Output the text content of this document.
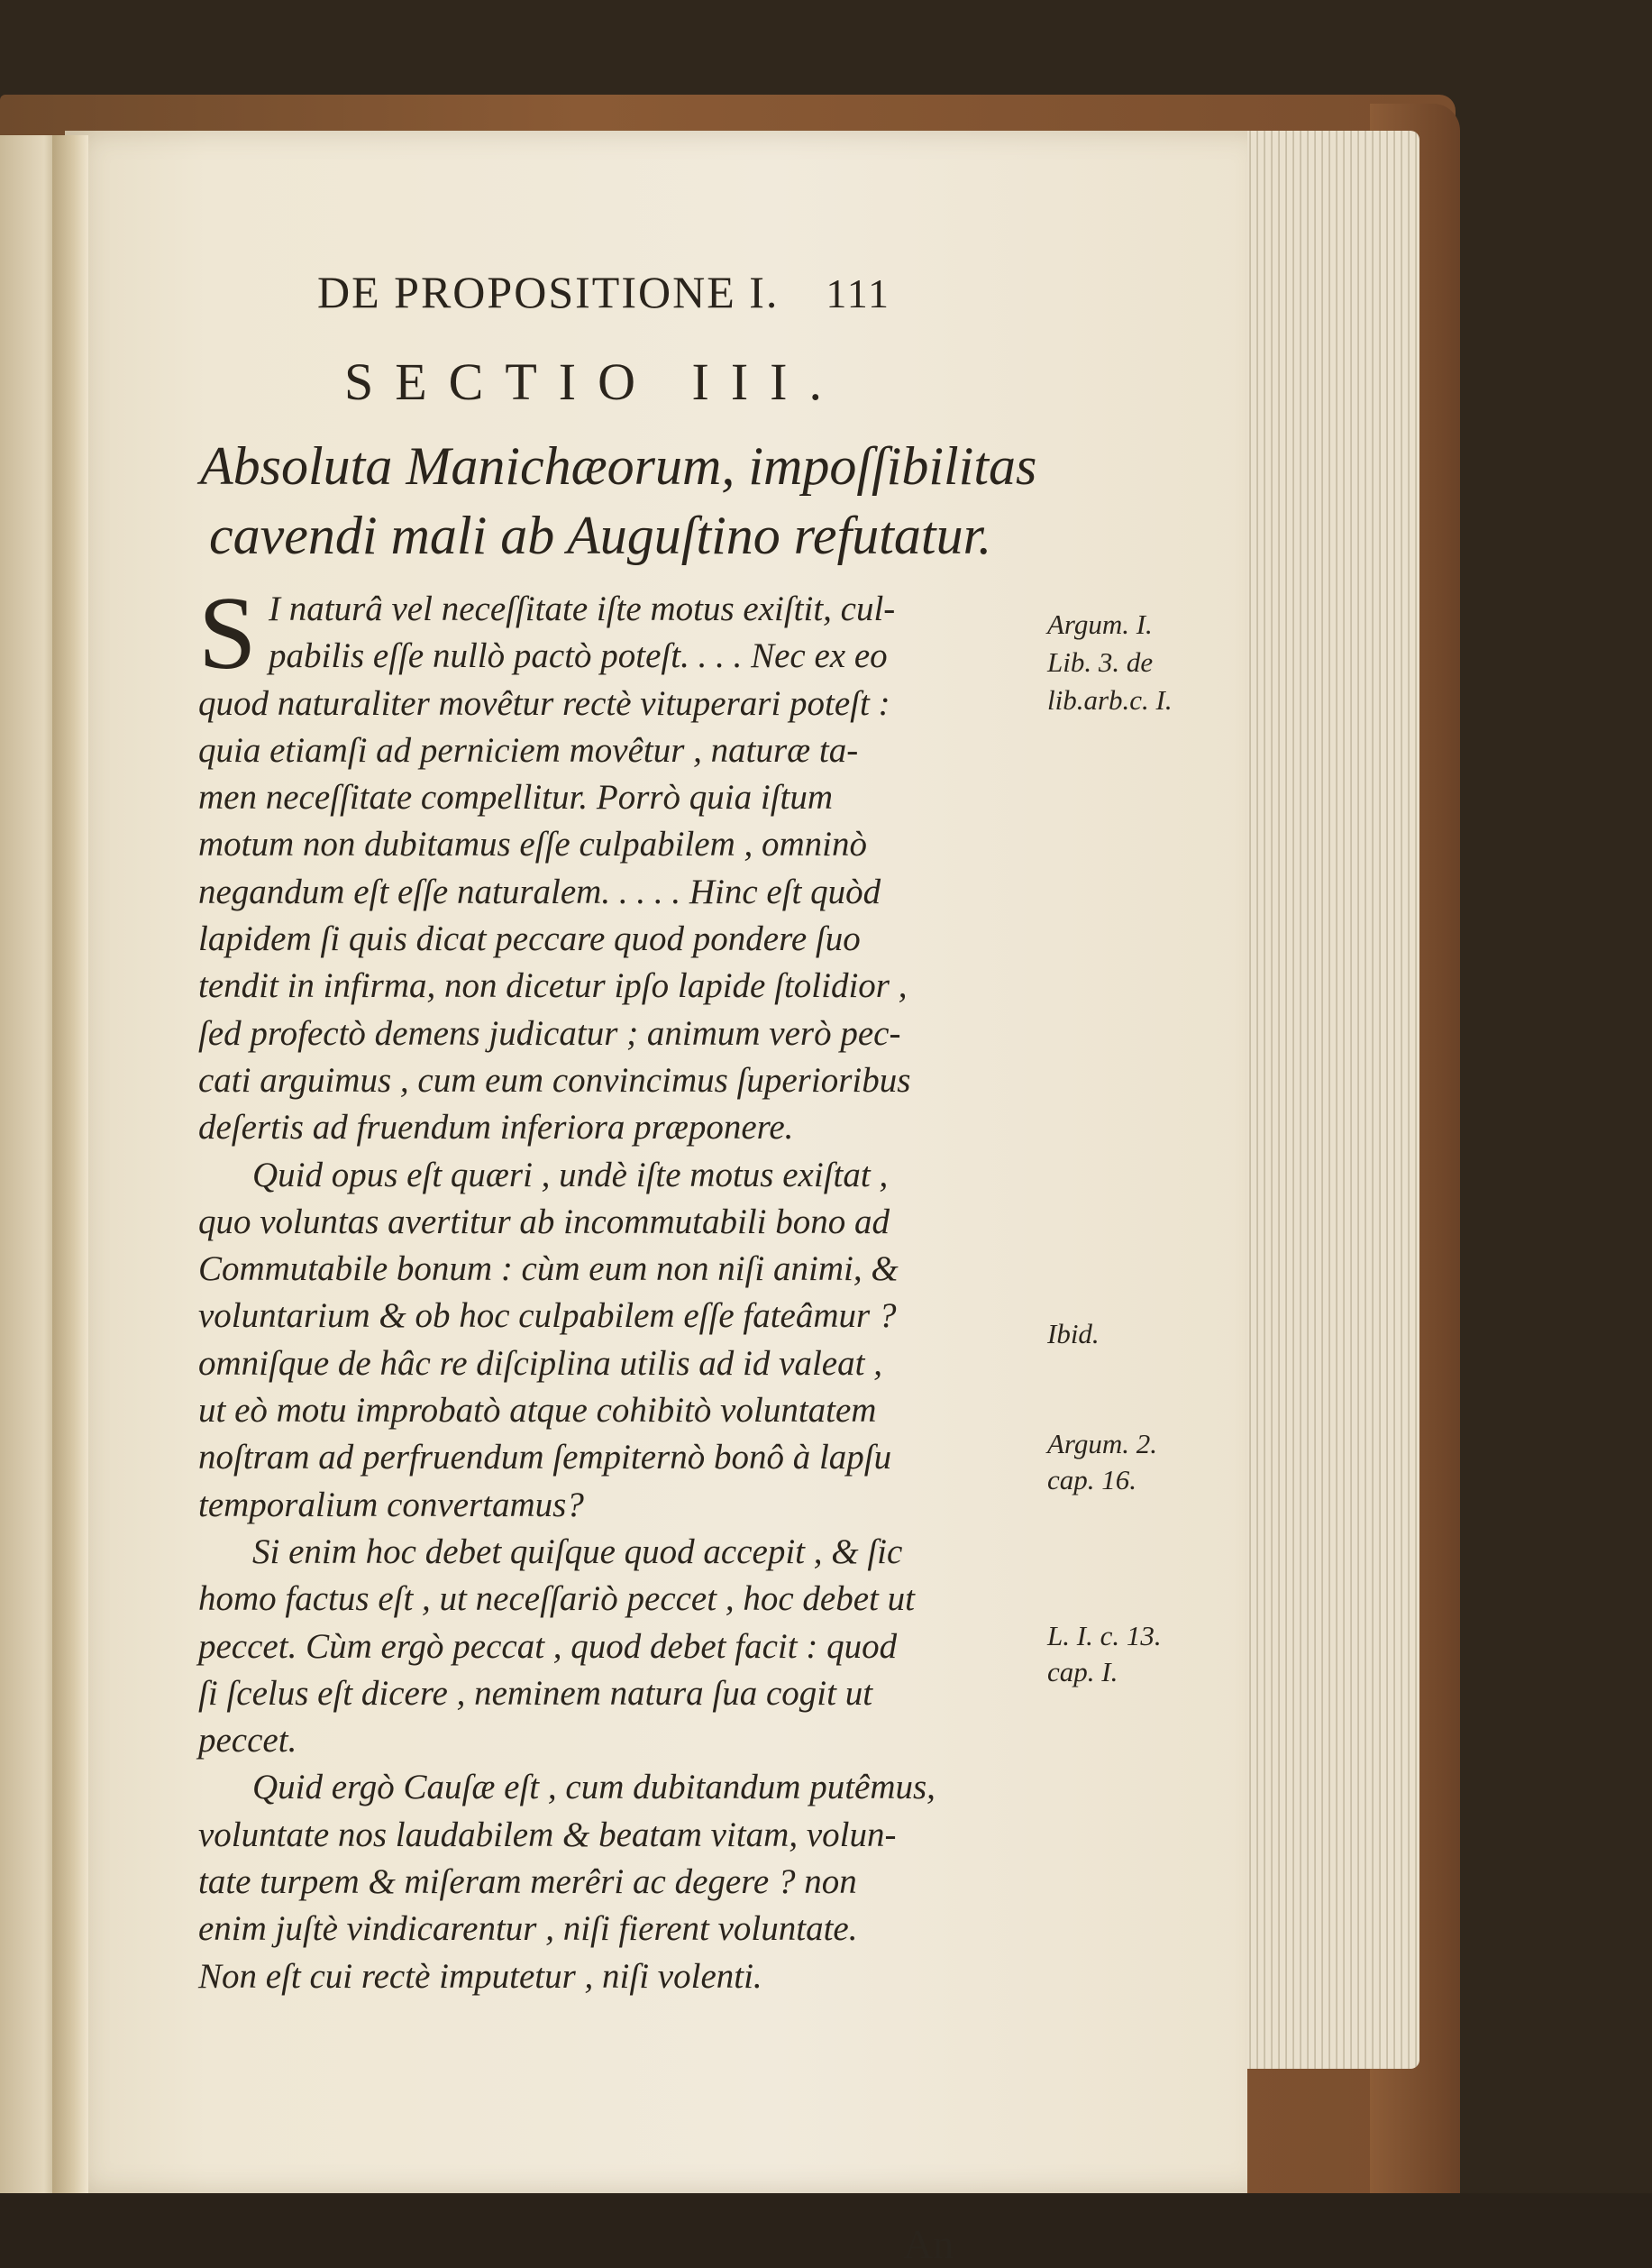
DE PROPOSITIONE I. 111
SECTIO III.
Absolutа Manichæorum, impoſſibilitas
cavendi mali ab Auguſtino refutatur.
S I naturâ vel neceſſitate iſte motus exiſtit, cul-
pabilis eſſe nullò pactò poteſt. . . . Nec ex eo
quod naturaliter movêtur rectè vituperari poteſt :
quia etiamſi ad perniciem movêtur , naturæ ta-
men neceſſitate compellitur. Porrò quia iſtum
motum non dubitamus eſſe culpabilem , omninò
negandum eſt eſſe naturalem. . . . . Hinc eſt quòd
lapidem ſi quis dicat peccare quod pondere ſuo
tendit in infirma, non dicetur ipſo lapide ſtolidior ,
ſed profectò demens judicatur ; animum verò pec-
cati arguimus , cum eum convincimus ſuperioribus
deſertis ad fruendum inferiora præponere.
Quid opus eſt quæri , undè iſte motus exiſtat ,
quo voluntas avertitur ab incommutabili bono ad
Commutabile bonum : cùm eum non niſi animi, &
voluntarium & ob hoc culpabilem eſſe fateâmur ?
omniſque de hâc re diſciplina utilis ad id valeat ,
ut eò motu improbatò atque cohibitò voluntatem
noſtram ad perfruendum ſempiternò bonô à lapſu
temporalium convertamus?
Si enim hoc debet quiſque quod accepit , & ſic
homo factus eſt , ut neceſſariò peccet , hoc debet ut
peccet. Cùm ergò peccat , quod debet facit : quod
ſi ſcelus eſt dicere , neminem natura ſua cogit ut
peccet.
Quid ergò Cauſæ eſt , cum dubitandum putêmus,
voluntate nos laudabilem & beatam vitam, volun-
tate turpem & miſeram merêri ac degere ? non
enim juſtè vindicarentur , niſi fierent voluntate.
Non eſt cui rectè imputetur , niſi volenti.
Argum. I.
Lib. 3. de
lib.arb.c. I.
Ibid.
Argum. 2.
cap. 16.
L. I. c. 13.
cap. I.
An
